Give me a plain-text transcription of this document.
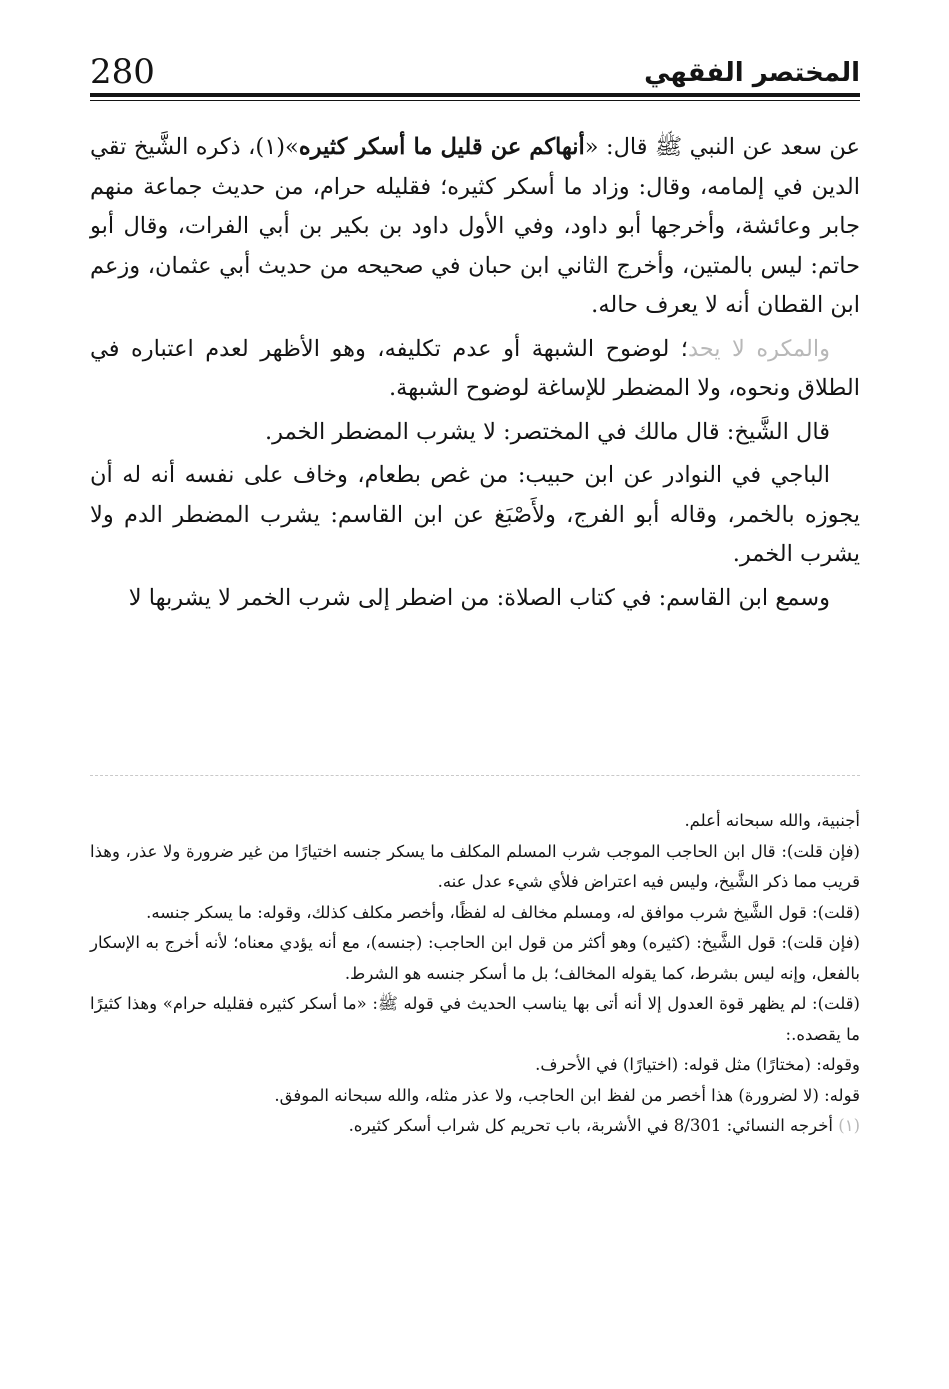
280	المختصر الفقهي

عن سعد عن النبي ﷺ قال: «أنهاكم عن قليل ما أسكر كثيره»(١)، ذكره الشَّيخ تقي الدين في إلمامه، وقال: وزاد ما أسكر كثيره؛ فقليله حرام، من حديث جماعة منهم جابر وعائشة، وأخرجها أبو داود، وفي الأول داود بن بكير بن أبي الفرات، وقال أبو حاتم: ليس بالمتين، وأخرج الثاني ابن حبان في صحيحه من حديث أبي عثمان، وزعم ابن القطان أنه لا يعرف حاله.

والمكره لا يحد؛ لوضوح الشبهة أو عدم تكليفه، وهو الأظهر لعدم اعتباره في الطلاق ونحوه، ولا المضطر للإساغة لوضوح الشبهة.

قال الشَّيخ: قال مالك في المختصر: لا يشرب المضطر الخمر.

الباجي في النوادر عن ابن حبيب: من غص بطعام، وخاف على نفسه أنه له أن يجوزه بالخمر، وقاله أبو الفرج، ولأَصْبَغ عن ابن القاسم: يشرب المضطر الدم ولا يشرب الخمر.

وسمع ابن القاسم: في كتاب الصلاة: من اضطر إلى شرب الخمر لا يشربها لا

أجنبية، والله سبحانه أعلم.

(فإن قلت): قال ابن الحاجب الموجب شرب المسلم المكلف ما يسكر جنسه اختيارًا من غير ضرورة ولا عذر، وهذا قريب مما ذكر الشَّيخ، وليس فيه اعتراض فلأي شيء عدل عنه.

(قلت): قول الشَّيخ شرب موافق له، ومسلم مخالف له لفظًا، وأخصر مكلف كذلك، وقوله: ما يسكر جنسه.

(فإن قلت): قول الشَّيخ: (كثيره) وهو أكثر من قول ابن الحاجب: (جنسه)، مع أنه يؤدي معناه؛ لأنه أخرج به الإسكار بالفعل، وإنه ليس بشرط، كما يقوله المخالف؛ بل ما أسكر جنسه هو الشرط.

(قلت): لم يظهر قوة العدول إلا أنه أتى بها يناسب الحديث في قوله ﷺ: «ما أسكر كثيره فقليله حرام» وهذا كثيرًا ما يقصده.:

وقوله: (مختارًا) مثل قوله: (اختيارًا) في الأحرف.

قوله: (لا لضرورة) هذا أخصر من لفظ ابن الحاجب، ولا عذر مثله، والله سبحانه الموفق.

(١) أخرجه النسائي: 8/301 في الأشربة، باب تحريم كل شراب أسكر كثيره.
